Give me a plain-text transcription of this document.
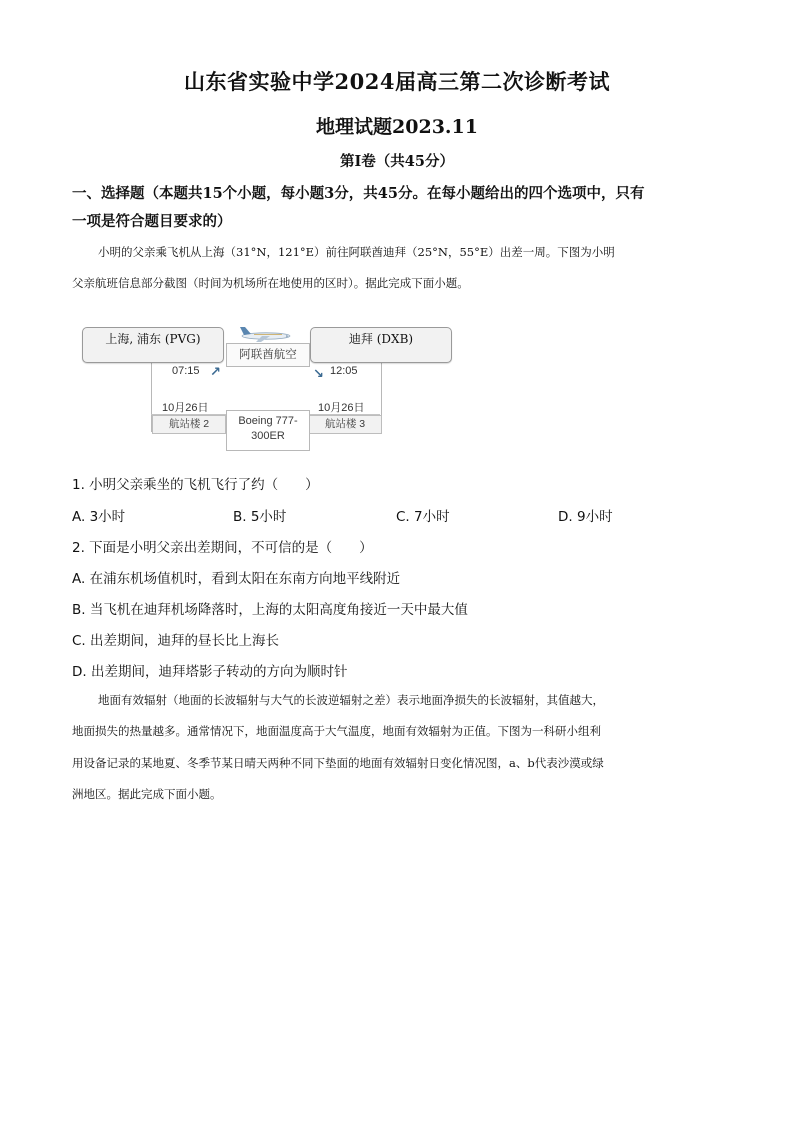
山东省实验中学2024届高三第二次诊断考试
地理试题2023.11
第I卷（共45分）
一、选择题（本题共15个小题，每小题3分，共45分。在每小题给出的四个选项中，只有
一项是符合题目要求的）
小明的父亲乘飞机从上海（31°N，121°E）前往阿联酋迪拜（25°N，55°E）出差一周。下图为小明
父亲航班信息部分截图（时间为机场所在地使用的区时）。据此完成下面小题。
上海, 浦东 (PVG)	迪拜 (DXB)
阿联酋航空
07:15 ↗	↘ 12:05
10月26日	10月26日
航站楼 2	航站楼 3
Boeing 777-
300ER
1. 小明父亲乘坐的飞机飞行了约（　　）
A. 3小时	B. 5小时	C. 7小时	D. 9小时
2. 下面是小明父亲出差期间，不可信的是（　　）
A. 在浦东机场值机时，看到太阳在东南方向地平线附近
B. 当飞机在迪拜机场降落时，上海的太阳高度角接近一天中最大值
C. 出差期间，迪拜的昼长比上海长
D. 出差期间，迪拜塔影子转动的方向为顺时针
地面有效辐射（地面的长波辐射与大气的长波逆辐射之差）表示地面净损失的长波辐射，其值越大，
地面损失的热量越多。通常情况下，地面温度高于大气温度，地面有效辐射为正值。下图为一科研小组利
用设备记录的某地夏、冬季节某日晴天两种不同下垫面的地面有效辐射日变化情况图，a、b代表沙漠或绿
洲地区。据此完成下面小题。
